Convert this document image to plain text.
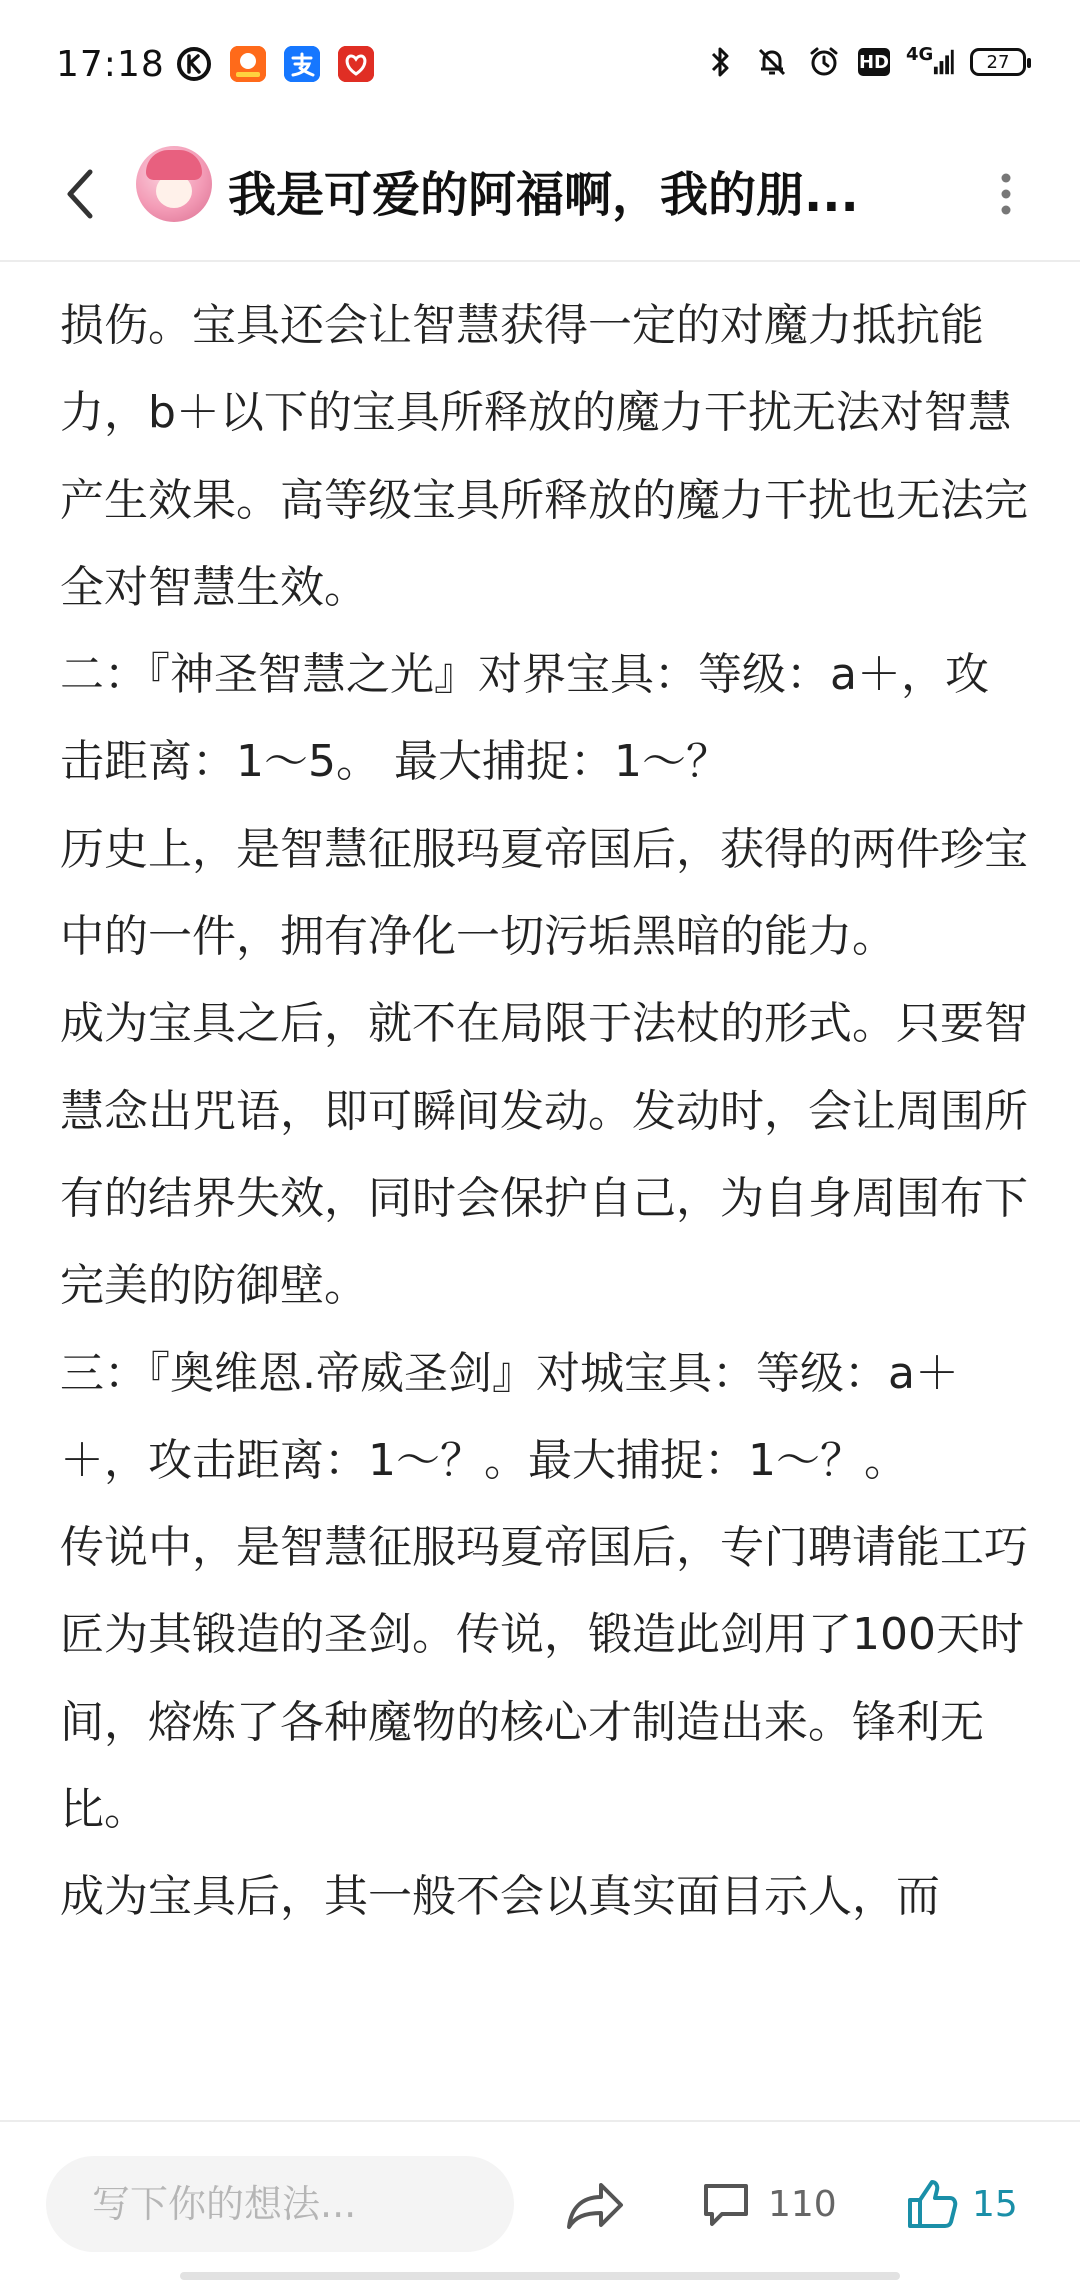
17:18	HD 4G	27
我是可爱的阿福啊，我的朋...

损伤。宝具还会让智慧获得一定的对魔力抵抗能力，b＋以下的宝具所释放的魔力干扰无法对智慧产生效果。高等级宝具所释放的魔力干扰也无法完全对智慧生效。

二：『神圣智慧之光』对界宝具：等级：a＋，攻击距离：1～5。 最大捕捉：1～？

历史上，是智慧征服玛夏帝国后，获得的两件珍宝中的一件，拥有净化一切污垢黑暗的能力。

成为宝具之后，就不在局限于法杖的形式。只要智慧念出咒语，即可瞬间发动。发动时，会让周围所有的结界失效，同时会保护自己，为自身周围布下完美的防御壁。

三：『奥维恩.帝威圣剑』对城宝具：等级：a＋＋，攻击距离：1～？。最大捕捉：1～？。

传说中，是智慧征服玛夏帝国后，专门聘请能工巧匠为其锻造的圣剑。传说，锻造此剑用了100天时间，熔炼了各种魔物的核心才制造出来。锋利无比。

成为宝具后，其一般不会以真实面目示人，而

写下你的想法...
110	15
